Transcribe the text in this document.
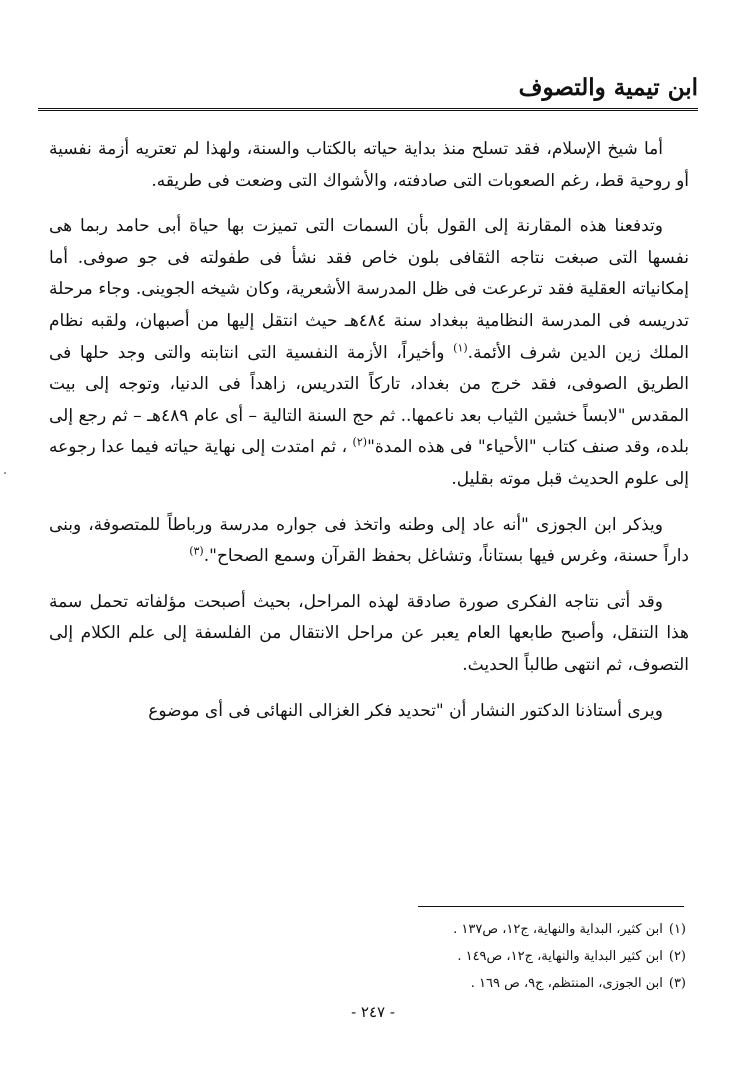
ابن تيمية والتصوف

أما شيخ الإسلام، فقد تسلح منذ بداية حياته بالكتاب والسنة، ولهذا لم تعتريه أزمة نفسية أو روحية قط، رغم الصعوبات التى صادفته، والأشواك التى وضعت فى طريقه.

وتدفعنا هذه المقارنة إلى القول بأن السمات التى تميزت بها حياة أبى حامد ربما هى نفسها التى صبغت نتاجه الثقافى بلون خاص فقد نشأ فى طفولته فى جو صوفى. أما إمكانياته العقلية فقد ترعرعت فى ظل المدرسة الأشعرية، وكان شيخه الجوينى. وجاء مرحلة تدريسه فى المدرسة النظامية ببغداد سنة ٤٨٤هـ حيث انتقل إليها من أصبهان، ولقبه نظام الملك زين الدين شرف الأئمة.$^{(١)}$ وأخيراً، الأزمة النفسية التى انتابته والتى وجد حلها فى الطريق الصوفى، فقد خرج من بغداد، تاركاً التدريس، زاهداً فى الدنيا، وتوجه إلى بيت المقدس "لابساً خشين الثياب بعد ناعمها.. ثم حج السنة التالية – أى عام ٤٨٩هـ – ثم رجع إلى بلده، وقد صنف كتاب "الأحياء" فى هذه المدة"$^{(٢)}$ ، ثم امتدت إلى نهاية حياته فيما عدا رجوعه إلى علوم الحديث قبل موته بقليل.

ويذكر ابن الجوزى "أنه عاد إلى وطنه واتخذ فى جواره مدرسة ورباطاً للمتصوفة، وبنى داراً حسنة، وغرس فيها بستاناً، وتشاغل بحفظ القرآن وسمع الصحاح".$^{(٣)}$

وقد أتى نتاجه الفكرى صورة صادقة لهذه المراحل، بحيث أصبحت مؤلفاته تحمل سمة هذا التنقل، وأصبح طابعها العام يعبر عن مراحل الانتقال من الفلسفة إلى علم الكلام إلى التصوف، ثم انتهى طالباً الحديث.

ويرى أستاذنا الدكتور النشار أن "تحديد فكر الغزالى النهائى فى أى موضوع

(١)ابن كثير، البداية والنهاية، ج١٢، ص١٣٧ .
(٢)ابن كثير البداية والنهاية، ج١٢، ص١٤٩ .
(٣)ابن الجوزى، المنتظم، ج٩، ص ١٦٩ .
- ٢٤٧ -
